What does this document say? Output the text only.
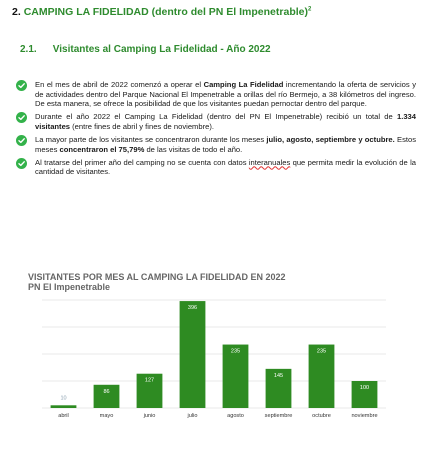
2. CAMPING LA FIDELIDAD (dentro del PN El Impenetrable)$^2$
2.1. Visitantes al Camping La Fidelidad - Año 2022
En el mes de abril de 2022 comenzó a operar el Camping La Fidelidad incrementando la oferta de servicios y de actividades dentro del Parque Nacional El Impenetrable a orillas del río Bermejo, a 38 kilómetros del ingreso. De esta manera, se ofrece la posibilidad de que los visitantes puedan pernoctar dentro del parque.
Durante el año 2022 el Camping La Fidelidad (dentro del PN El Impenetrable) recibió un total de 1.334 visitantes (entre fines de abril y fines de noviembre).
La mayor parte de los visitantes se concentraron durante los meses julio, agosto, septiembre y octubre. Estos meses concentraron el 75,79% de las visitas de todo el año.
Al tratarse del primer año del camping no se cuenta con datos interanuales que permita medir la evolución de la cantidad de visitantes.
VISITANTES POR MES AL CAMPING LA FIDELIDAD EN 2022
PN El Impenetrable
10
abril
86
mayo
127
junio
396
julio
235
agosto
145
septiembre
235
octubre
100
noviembre
